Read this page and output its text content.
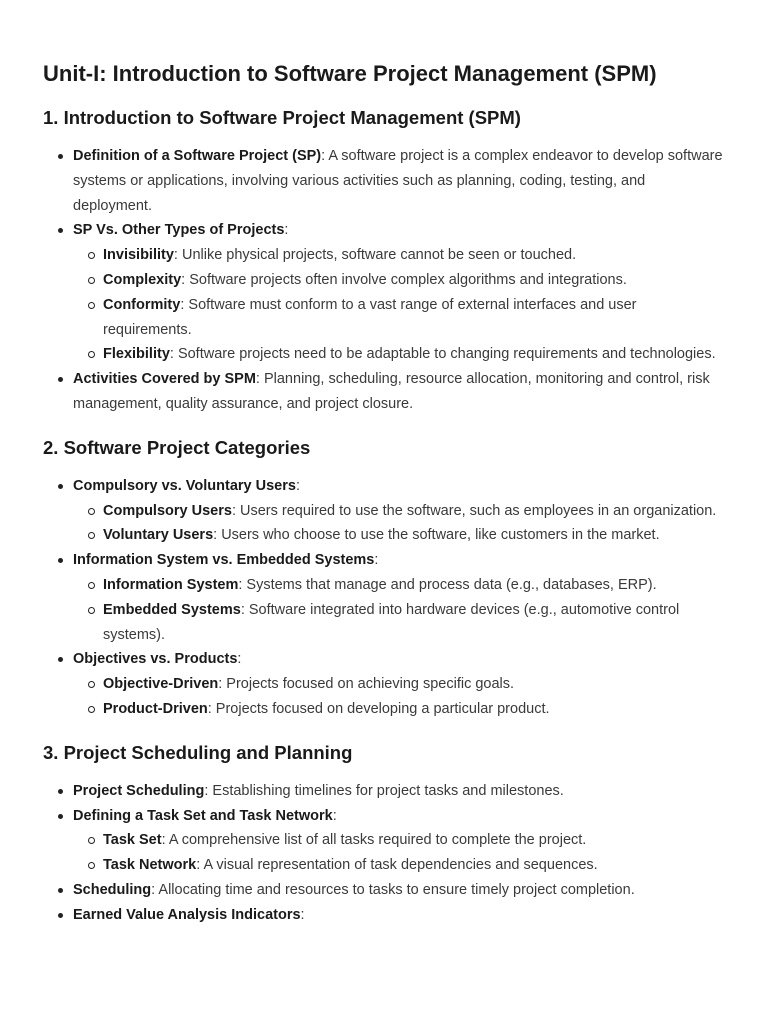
Unit-I: Introduction to Software Project Management (SPM)
1. Introduction to Software Project Management (SPM)
Definition of a Software Project (SP): A software project is a complex endeavor to develop software systems or applications, involving various activities such as planning, coding, testing, and deployment.
SP Vs. Other Types of Projects:
Invisibility: Unlike physical projects, software cannot be seen or touched.
Complexity: Software projects often involve complex algorithms and integrations.
Conformity: Software must conform to a vast range of external interfaces and user requirements.
Flexibility: Software projects need to be adaptable to changing requirements and technologies.
Activities Covered by SPM: Planning, scheduling, resource allocation, monitoring and control, risk management, quality assurance, and project closure.
2. Software Project Categories
Compulsory vs. Voluntary Users:
Compulsory Users: Users required to use the software, such as employees in an organization.
Voluntary Users: Users who choose to use the software, like customers in the market.
Information System vs. Embedded Systems:
Information System: Systems that manage and process data (e.g., databases, ERP).
Embedded Systems: Software integrated into hardware devices (e.g., automotive control systems).
Objectives vs. Products:
Objective-Driven: Projects focused on achieving specific goals.
Product-Driven: Projects focused on developing a particular product.
3. Project Scheduling and Planning
Project Scheduling: Establishing timelines for project tasks and milestones.
Defining a Task Set and Task Network:
Task Set: A comprehensive list of all tasks required to complete the project.
Task Network: A visual representation of task dependencies and sequences.
Scheduling: Allocating time and resources to tasks to ensure timely project completion.
Earned Value Analysis Indicators:
